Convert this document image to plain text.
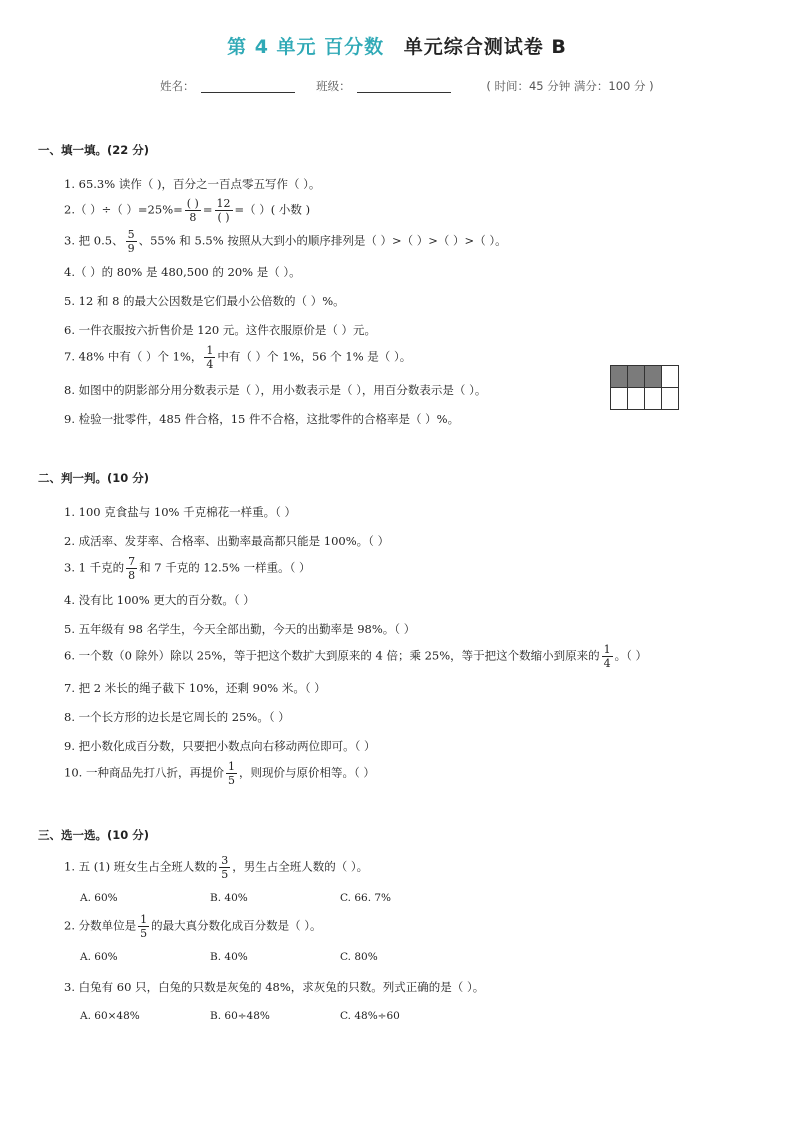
第 4 单元 百分数 单元综合测试卷 B
姓名：	班级：	( 时间：45 分钟 满分：100 分 )
一、填一填。(22 分)
1. 65.3% 读作（ )，百分之一百点零五写作（ ）。
2.（ ）÷（ ）$=25\%= \frac{( )}{8} = \frac{12}{( )}$ =（ ）( 小数 )
3. 把 0.5、 $\frac{5}{9}$ 、55% 和 5.5% 按照从大到小的顺序排列是（ ）>（ ）>（ ）>（ ）。
4.（ ）的 80% 是 480,500 的 20% 是（ ）。
5. 12 和 8 的最大公因数是它们最小公倍数的（ ）%。
6. 一件衣服按六折售价是 120 元。这件衣服原价是（ ）元。
7. 48% 中有（ ）个 1%， $\frac{1}{4}$ 中有（ ）个 1%，56 个 1% 是（ ）。
8. 如图中的阴影部分用分数表示是（ ），用小数表示是（ ），用百分数表示是（ ）。
9. 检验一批零件，485 件合格，15 件不合格，这批零件的合格率是（ ）%。
二、判一判。(10 分)
1. 100 克食盐与 10% 千克棉花一样重。（ ）
2. 成活率、发芽率、合格率、出勤率最高都只能是 100%。（ ）
3. 1 千克的 $\frac{7}{8}$ 和 7 千克的 12.5% 一样重。（ ）
4. 没有比 100% 更大的百分数。（ ）
5. 五年级有 98 名学生，今天全部出勤，今天的出勤率是 98%。（ ）
6. 一个数（0 除外）除以 25%，等于把这个数扩大到原来的 4 倍；乘 25%，等于把这个数缩小到原来的 $\frac{1}{4}$ 。（ ）
7. 把 2 米长的绳子截下 10%，还剩 90% 米。（ ）
8. 一个长方形的边长是它周长的 25%。（ ）
9. 把小数化成百分数，只要把小数点向右移动两位即可。（ ）
10. 一种商品先打八折，再提价 $\frac{1}{5}$ ，则现价与原价相等。（ ）
三、选一选。(10 分)
1. 五 (1) 班女生占全班人数的 $\frac{3}{5}$ ，男生占全班人数的（ ）。
A. 60%	B. 40%	C. 66. 7%
2. 分数单位是 $\frac{1}{5}$ 的最大真分数化成百分数是（ ）。
A. 60%	B. 40%	C. 80%
3. 白兔有 60 只，白兔的只数是灰兔的 48%，求灰兔的只数。列式正确的是（ ）。
A. 60×48%	B. 60÷48%	C. 48%÷60
